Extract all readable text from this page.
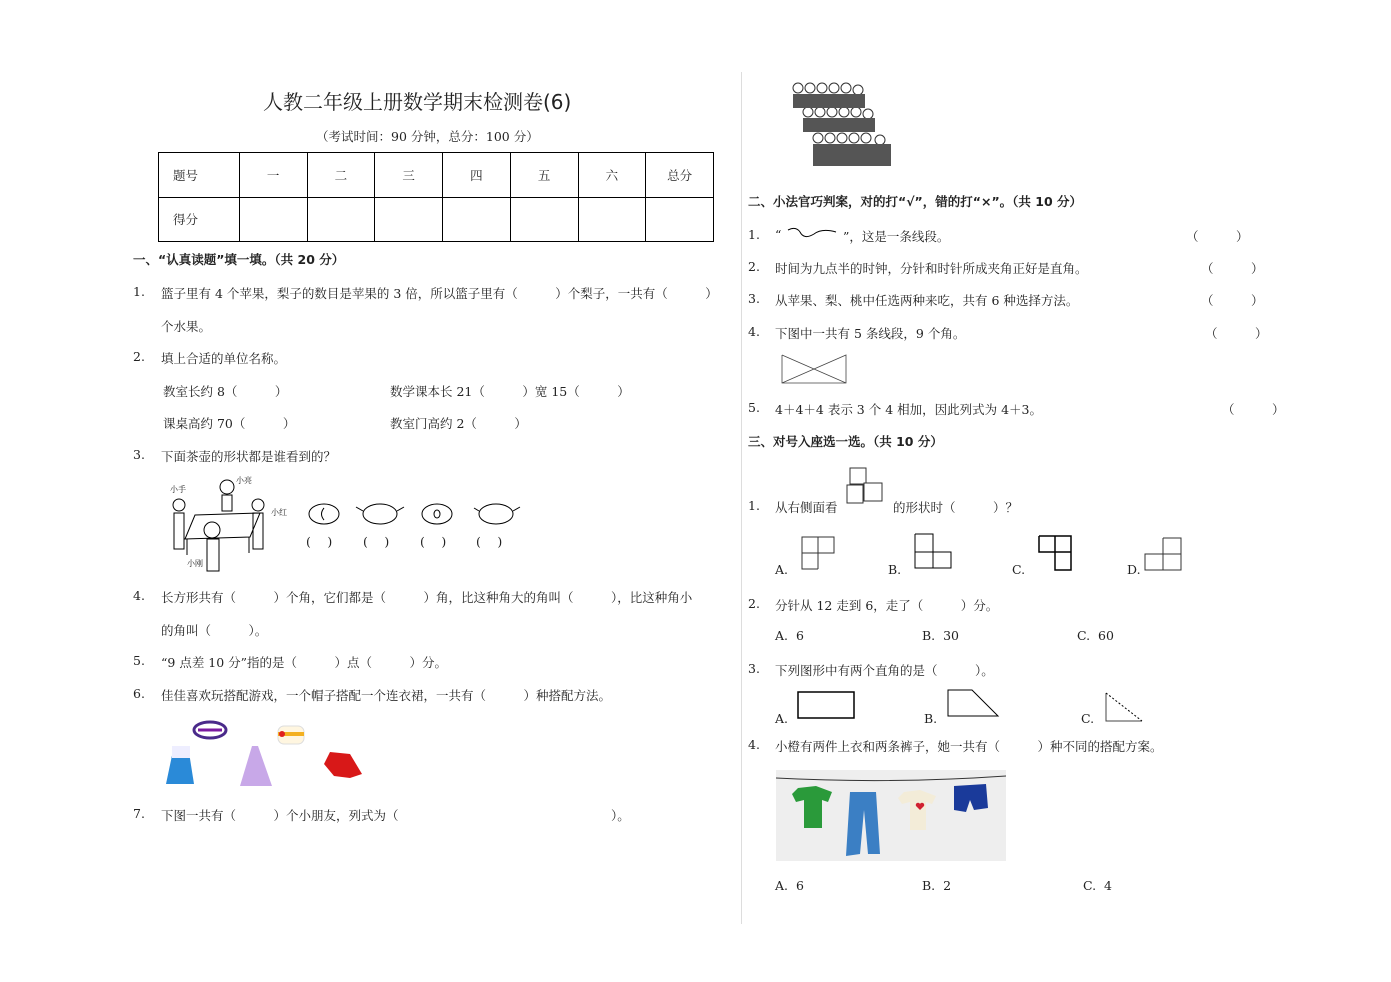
人教二年级上册数学期末检测卷(6)
（考试时间：90 分钟，总分：100 分）
题号	一	二	三	四	五	六	总分
得分							
一、“认真读题”填一填。（共 20 分）
1. 篮子里有 4 个苹果，梨子的数目是苹果的 3 倍，所以篮子里有（　　　）个梨子，一共有（　　　）
个水果。
2. 填上合适的单位名称。
教室长约 8（　　　）	数学课本长 21（　　　）宽 15（　　　）
课桌高约 70（　　　）	教室门高约 2（　　　）
3. 下面茶壶的形状都是谁看到的？
小手
小亮
小红
小刚
(　 ) (　 ) (　 ) (　 )
4. 长方形共有（　　　）个角，它们都是（　　　）角，比这种角大的角叫（　　　），比这种角小
的角叫（　　　）。
5. “9 点差 10 分”指的是（　　　）点（　　　）分。
6. 佳佳喜欢玩搭配游戏，一个帽子搭配一个连衣裙，一共有（　　　）种搭配方法。
7. 下图一共有（　　　）个小朋友，列式为（　　　　　　　　　　　　　　　　　）。
二、小法官巧判案，对的打“√”，错的打“×”。（共 10 分）
1. “	”，这是一条线段。	（　　　）
2. 时间为九点半的时钟，分针和时针所成夹角正好是直角。	（　　　）
3. 从苹果、梨、桃中任选两种来吃，共有 6 种选择方法。	（　　　）
4. 下图中一共有 5 条线段，9 个角。	（　　　）
5. 4＋4＋4 表示 3 个 4 相加，因此列式为 4＋3。	（　　　）
三、对号入座选一选。（共 10 分）
1. 从右侧面看	的形状时（　　　）？
A.	B.	C.	D.
2. 分针从 12 走到 6，走了（　　　）分。
A.  6	B.  30	C.  60
3. 下列图形中有两个直角的是（　　　）。
A.	B.	C.
4. 小橙有两件上衣和两条裤子，她一共有（　　　）种不同的搭配方案。
A.  6	B.  2	C.  4
